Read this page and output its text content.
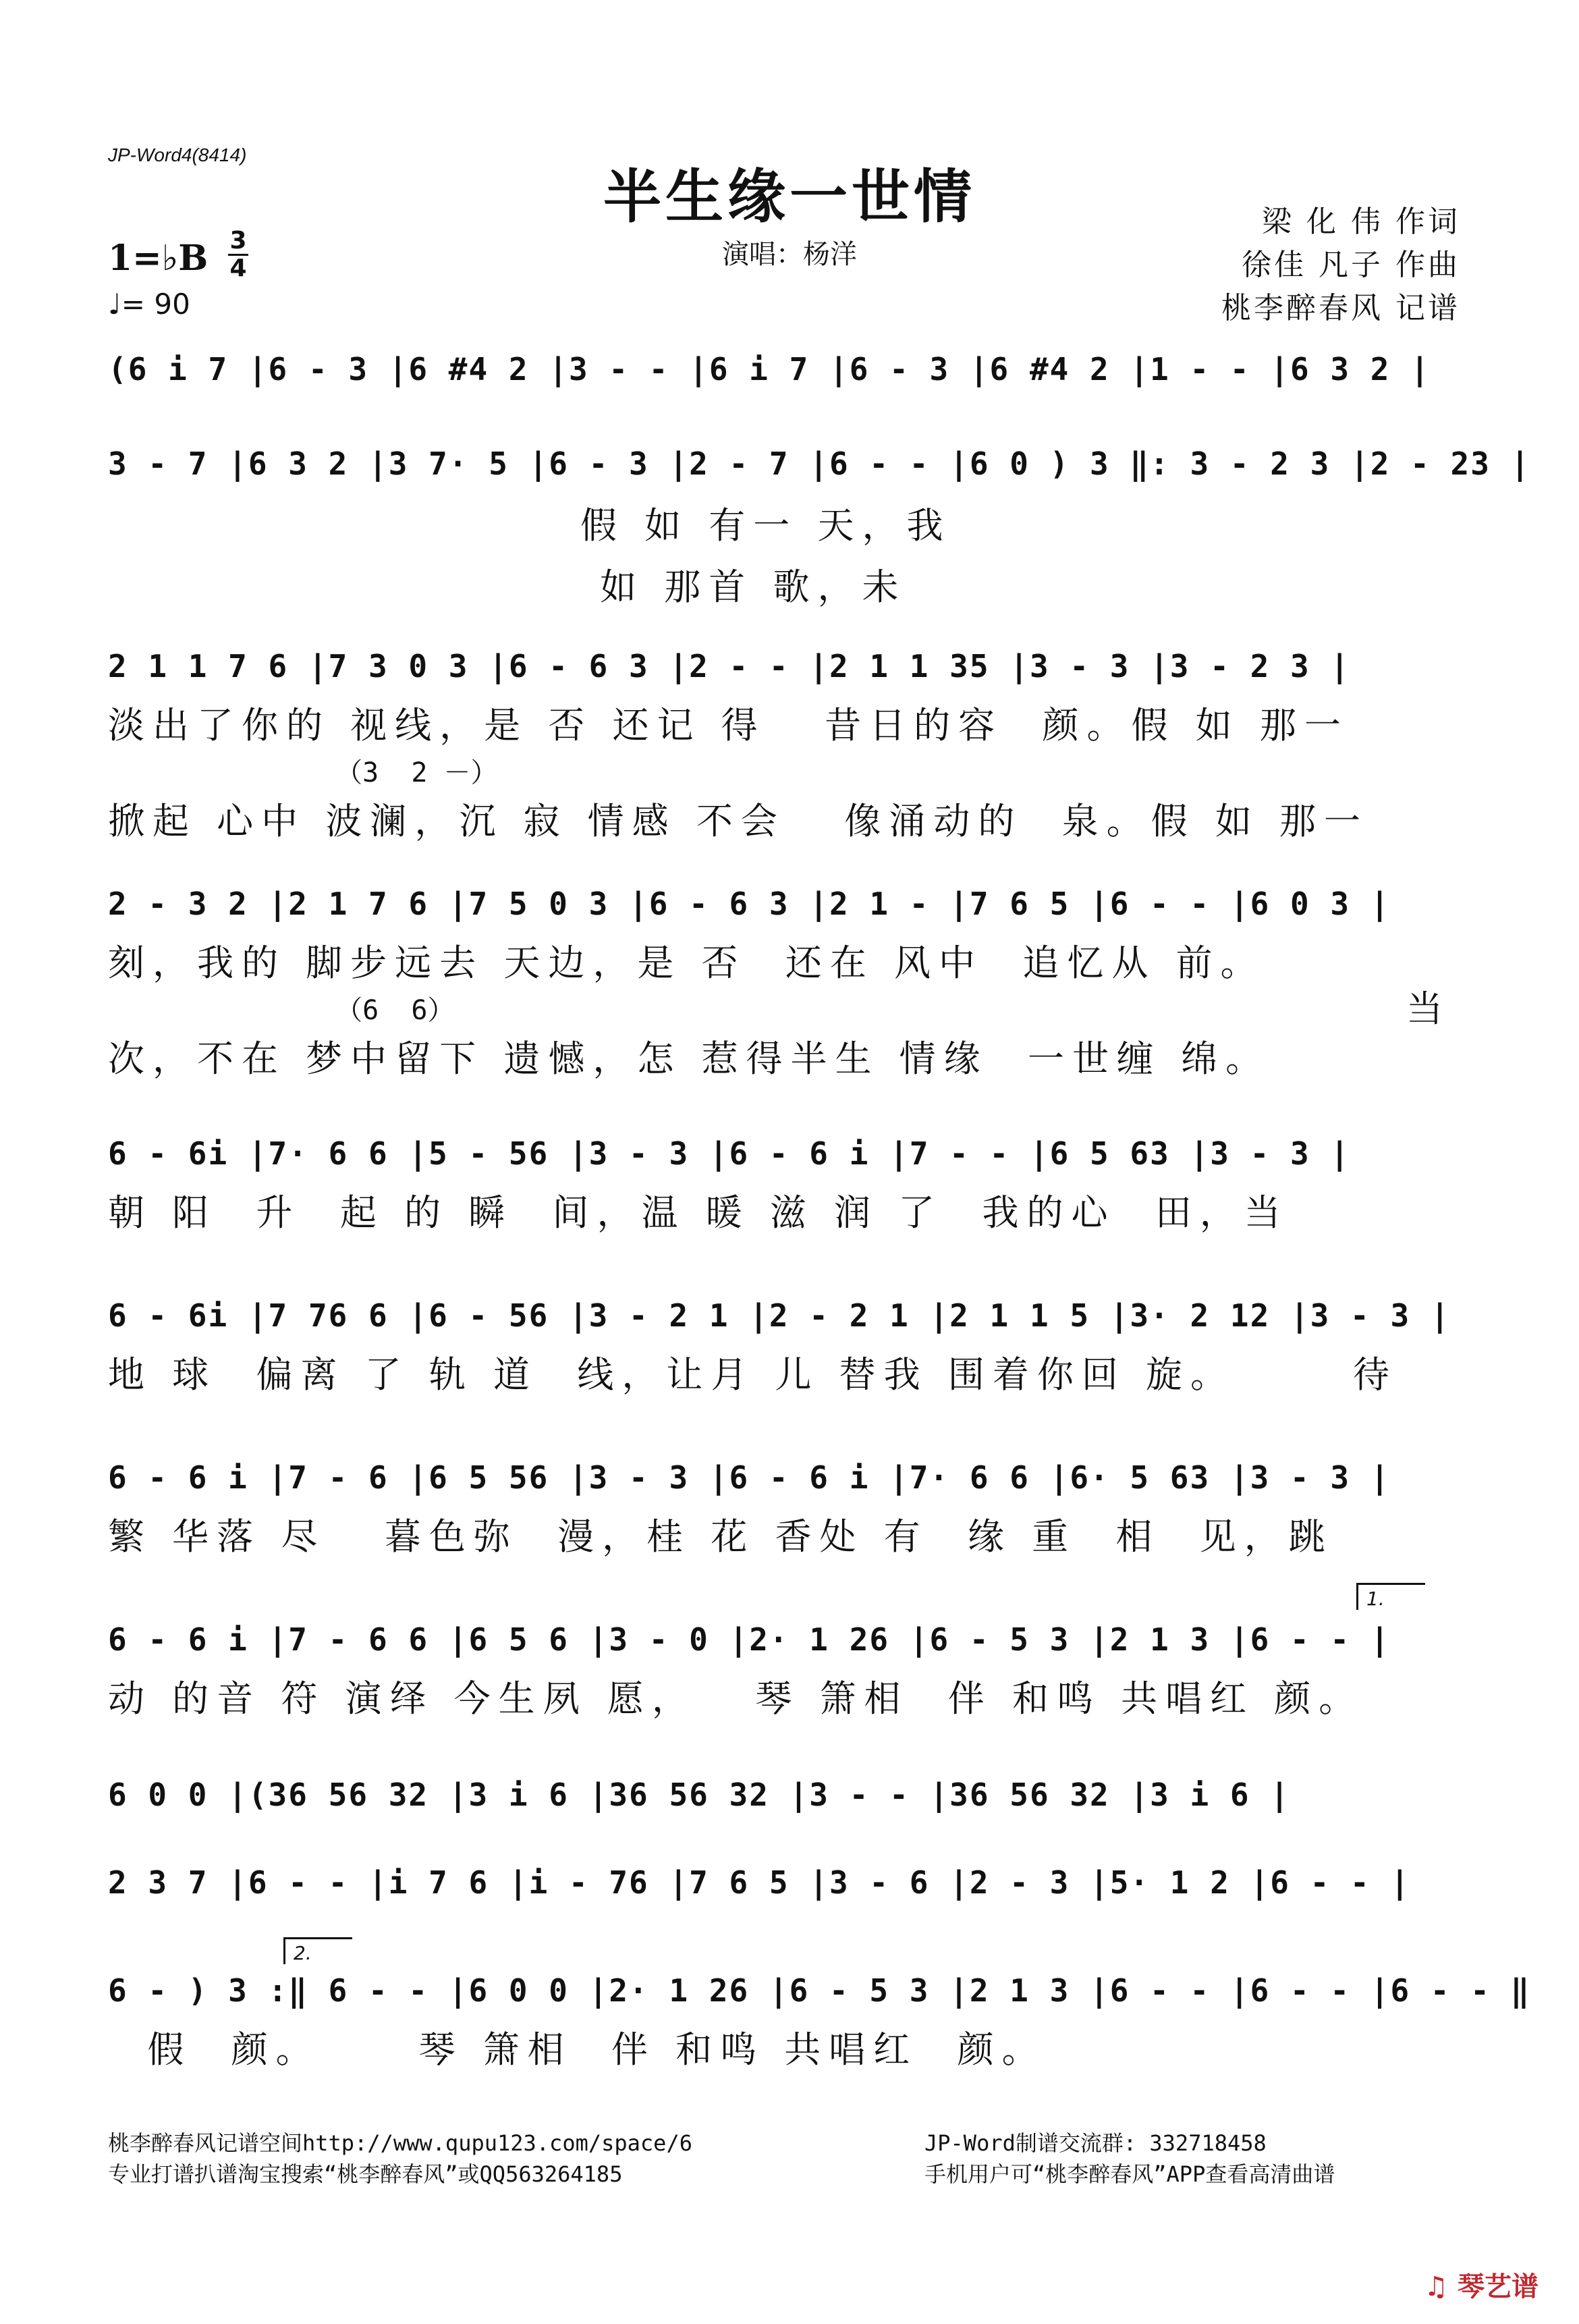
JP-Word4(8414)
半生缘一世情
演唱：杨洋
梁 化 伟 作词
徐佳 凡子 作曲
桃李醉春风 记谱
1=♭B 3
4
♩= 90
(6 i 7 |6 - 3 |6 #4 2 |3 - - |6 i 7 |6 - 3 |6 #4 2 |1 - - |6 3 2 |
3 - 7 |6 3 2 |3 7· 5 |6 - 3 |2 - 7 |6 - - |6 0 ) 3 ‖: 3 - 2 3 |2 - 23 |
假 如 有一 天，我
如 那首 歌，未
2 1 1 7 6 |7 3 0 3 |6 - 6 3 |2 - - |2 1 1 35 |3 - 3 |3 - 2 3 |
淡出了你的 视线，是 否 还记 得   昔日的容  颜。假 如 那一
（3  2 －）
掀起 心中 波澜，沉 寂 情感 不会   像涌动的  泉。假 如 那一
2 - 3 2 |2 1 7 6 |7 5 0 3 |6 - 6 3 |2 1 - |7 6 5 |6 - - |6 0 3 |
刻，我的 脚步远去 天边，是 否  还在 风中  追忆从 前。
（6  6）
次，不在 梦中留下 遗憾，怎 惹得半生 情缘  一世缠 绵。
当
6 - 6i |7· 6 6 |5 - 56 |3 - 3 |6 - 6 i |7 - - |6 5 63 |3 - 3 |
朝 阳  升  起 的 瞬  间，温 暖 滋 润 了  我的心  田，当
6 - 6i |7 76 6 |6 - 56 |3 - 2 1 |2 - 2 1 |2 1 1 5 |3· 2 12 |3 - 3 |
地 球  偏离 了 轨 道  线，让月 儿 替我 围着你回 旋。      待
6 - 6 i |7 - 6 |6 5 56 |3 - 3 |6 - 6 i |7· 6 6 |6· 5 63 |3 - 3 |
繁 华落 尽   暮色弥  漫，桂 花 香处 有  缘 重  相  见，跳
1.
6 - 6 i |7 - 6 6 |6 5 6 |3 - 0 |2· 1 26 |6 - 5 3 |2 1 3 |6 - - |
动 的音 符 演绎 今生夙 愿，   琴 箫相  伴 和鸣 共唱红 颜。
6 0 0 |(36 56 32 |3 i 6 |36 56 32 |3 - - |36 56 32 |3 i 6 |
2 3 7 |6 - - |i 7 6 |i - 76 |7 6 5 |3 - 6 |2 - 3 |5· 1 2 |6 - - |
2.
6 - ) 3 :‖ 6 - - |6 0 0 |2· 1 26 |6 - 5 3 |2 1 3 |6 - - |6 - - |6 - - ‖
假  颜。     琴 箫相  伴 和鸣 共唱红  颜。
桃李醉春风记谱空间http://www.qupu123.com/space/6
专业打谱扒谱淘宝搜索“桃李醉春风”或QQ563264185
JP-Word制谱交流群: 332718458
手机用户可“桃李醉春风”APP查看高清曲谱
♫ 琴艺谱
